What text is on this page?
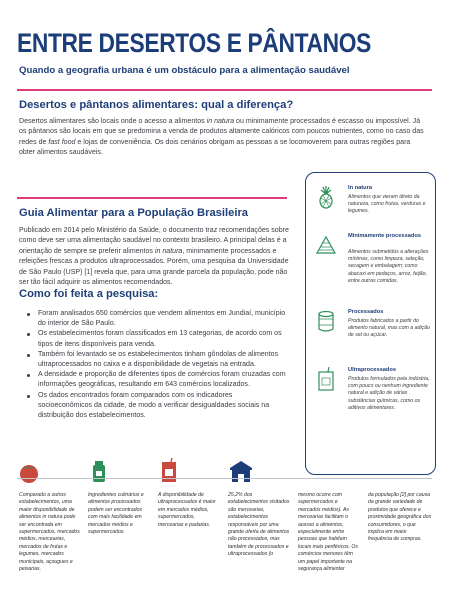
ENTRE DESERTOS E PÂNTANOS
Quando a geografia urbana é um obstáculo para a alimentação saudável
Desertos e pântanos alimentares: qual a diferença?
Desertos alimentares são locais onde o acesso a alimentos in natura ou minimamente processados é escasso ou impossível. Já os pântanos são locais em que se predomina a venda de produtos altamente calóricos com poucos nutrientes, como no caso das redes de fast food e lojas de conveniência. Os dois cenários obrigam as pessoas a se locomoverem para outras regiões para obter alimentos saudáveis.
Guia Alimentar para a População Brasileira
Publicado em 2014 pelo Ministério da Saúde, o documento traz recomendações sobre como deve ser uma alimentação saudável no contexto brasileiro. A principal delas é a orientação de sempre se preferir alimentos in natura, minimamente processados e refeições frescas a produtos ultraprocessados. Porém, uma pesquisa da Universidade de São Paulo (USP) [1] revela que, para uma grande parcela da população, pode não ser tão fácil adquirir os alimentos recomendados.
Como foi feita a pesquisa:
Foram analisados 650 comércios que vendem alimentos em Jundiaí, município do interior de São Paulo.
Os estabelecimentos foram classificados em 13 categorias, de acordo com os tipos de itens disponíveis para venda.
Também foi levantado se os estabelecimentos tinham gôndolas de alimentos ultraprocessados no caixa e a disponibilidade de vegetais na entrada.
A densidade e proporção de diferentes tipos de comércios foram cruzadas com informações geográficas, resultando em 643 comércios localizados.
Os dados encontrados foram comparados com os indicadores socioeconômicos da cidade, de modo a verificar desigualdades sociais na distribuição dos estabelecimentos.
In natura
Alimentos que vieram direto da natureza, como frutas, verduras e legumes.
Minimamente processados
Alimentos submetidos a alterações mínimas, como limpeza, seleção, secagem e embalagem; como abacaxi em pedaços, arroz, feijão, entre outras comidas.
Processados
Produtos fabricados a partir do alimento natural, mas com a adição de sal ou açúcar.
Ultraprocessados
Produtos formulados pela indústria, com pouco ou nenhum ingrediente natural e adição de várias substâncias químicas, como os aditivos alimentares.
Comparado a outros estabelecimentos, uma maior disponibilidade de alimentos in natura pode ser encontrada em supermercados, mercados médios, mercearias, mercados de frutas e legumes, mercados municipais, açougues e peixarias.
Ingredientes culinários e alimentos processados podem ser encontrados com mais facilidade em mercados médios e supermercados.
A disponibilidade de ultraprocessados é maior em mercados médios, supermercados, mercearias e padarias.
25,2% dos estabelecimentos visitados são mercearias, estabelecimentos responsáveis por uma grande oferta de alimentos não processados, mas também de processados e ultraprocessados (o
mesmo ocorre com supermercados e mercados médios). As mercearias facilitam o acesso a alimentos, especialmente entre pessoas que habitam locais mais periféricos. Os comércios menores têm um papel importante na segurança alimentar
da população [2] por causa da grande variedade de produtos que oferece e proximidade geográfica dos consumidores, o que implica em maior frequência de compras.
